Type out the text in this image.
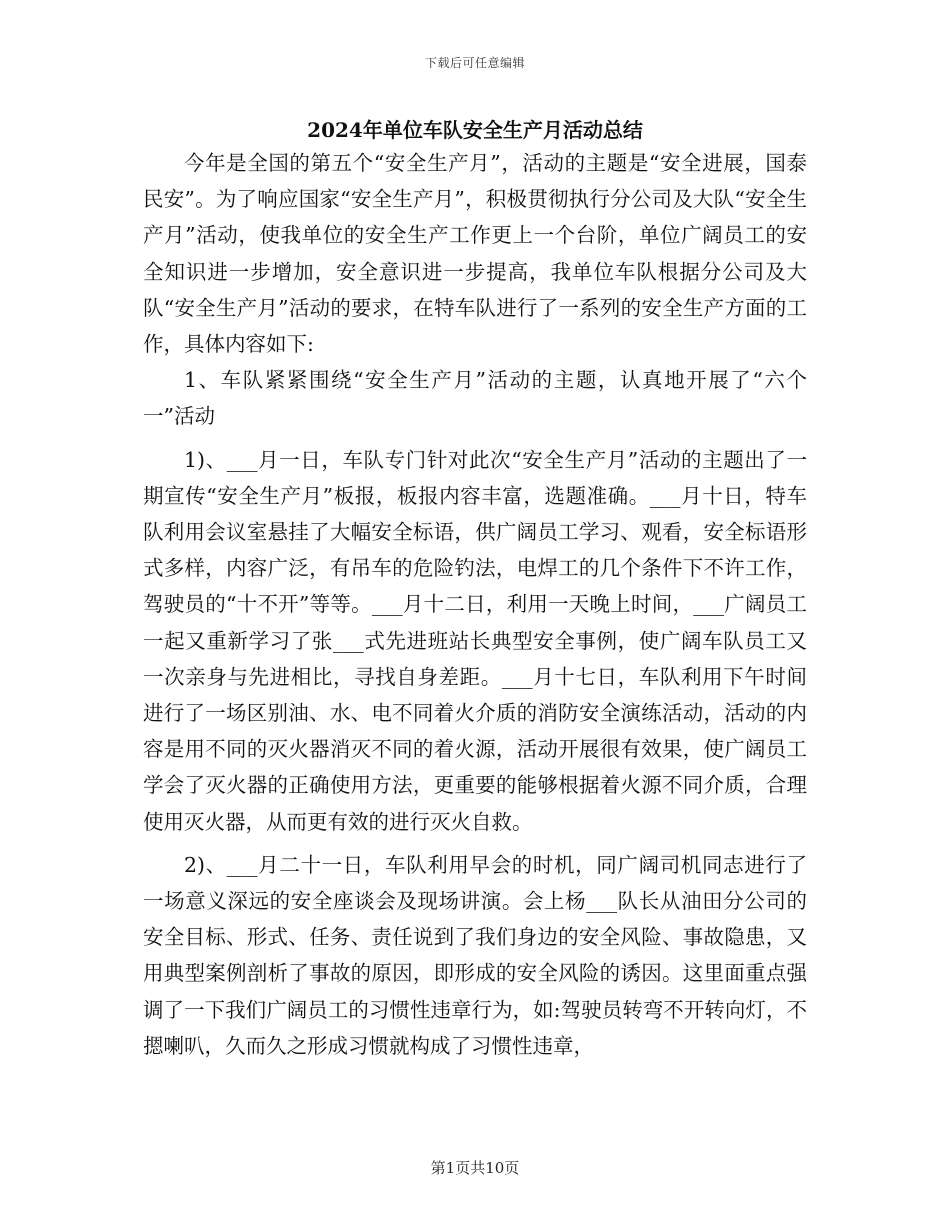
下载后可任意编辑
2024年单位车队安全生产月活动总结

今年是全国的第五个“安全生产月”，活动的主题是“安全进展，国泰民安”。为了响应国家“安全生产月”，积极贯彻执行分公司及大队“安全生产月”活动，使我单位的安全生产工作更上一个台阶，单位广阔员工的安全知识进一步增加，安全意识进一步提高，我单位车队根据分公司及大队“安全生产月”活动的要求，在特车队进行了一系列的安全生产方面的工作，具体内容如下:

1、车队紧紧围绕“安全生产月”活动的主题，认真地开展了“六个一”活动

1)、___月一日，车队专门针对此次“安全生产月”活动的主题出了一期宣传“安全生产月”板报，板报内容丰富，选题准确。___月十日，特车队利用会议室悬挂了大幅安全标语，供广阔员工学习、观看，安全标语形式多样，内容广泛，有吊车的危险钓法，电焊工的几个条件下不许工作，驾驶员的“十不开”等等。___月十二日，利用一天晚上时间，___广阔员工一起又重新学习了张___式先进班站长典型安全事例，使广阔车队员工又一次亲身与先进相比，寻找自身差距。___月十七日，车队利用下午时间进行了一场区别油、水、电不同着火介质的消防安全演练活动，活动的内容是用不同的灭火器消灭不同的着火源，活动开展很有效果，使广阔员工学会了灭火器的正确使用方法，更重要的能够根据着火源不同介质，合理使用灭火器，从而更有效的进行灭火自救。

2)、___月二十一日，车队利用早会的时机，同广阔司机同志进行了一场意义深远的安全座谈会及现场讲演。会上杨___队长从油田分公司的安全目标、形式、任务、责任说到了我们身边的安全风险、事故隐患，又用典型案例剖析了事故的原因，即形成的安全风险的诱因。这里面重点强调了一下我们广阔员工的习惯性违章行为，如:驾驶员转弯不开转向灯，不摁喇叭，久而久之形成习惯就构成了习惯性违章，

第1页共10页
